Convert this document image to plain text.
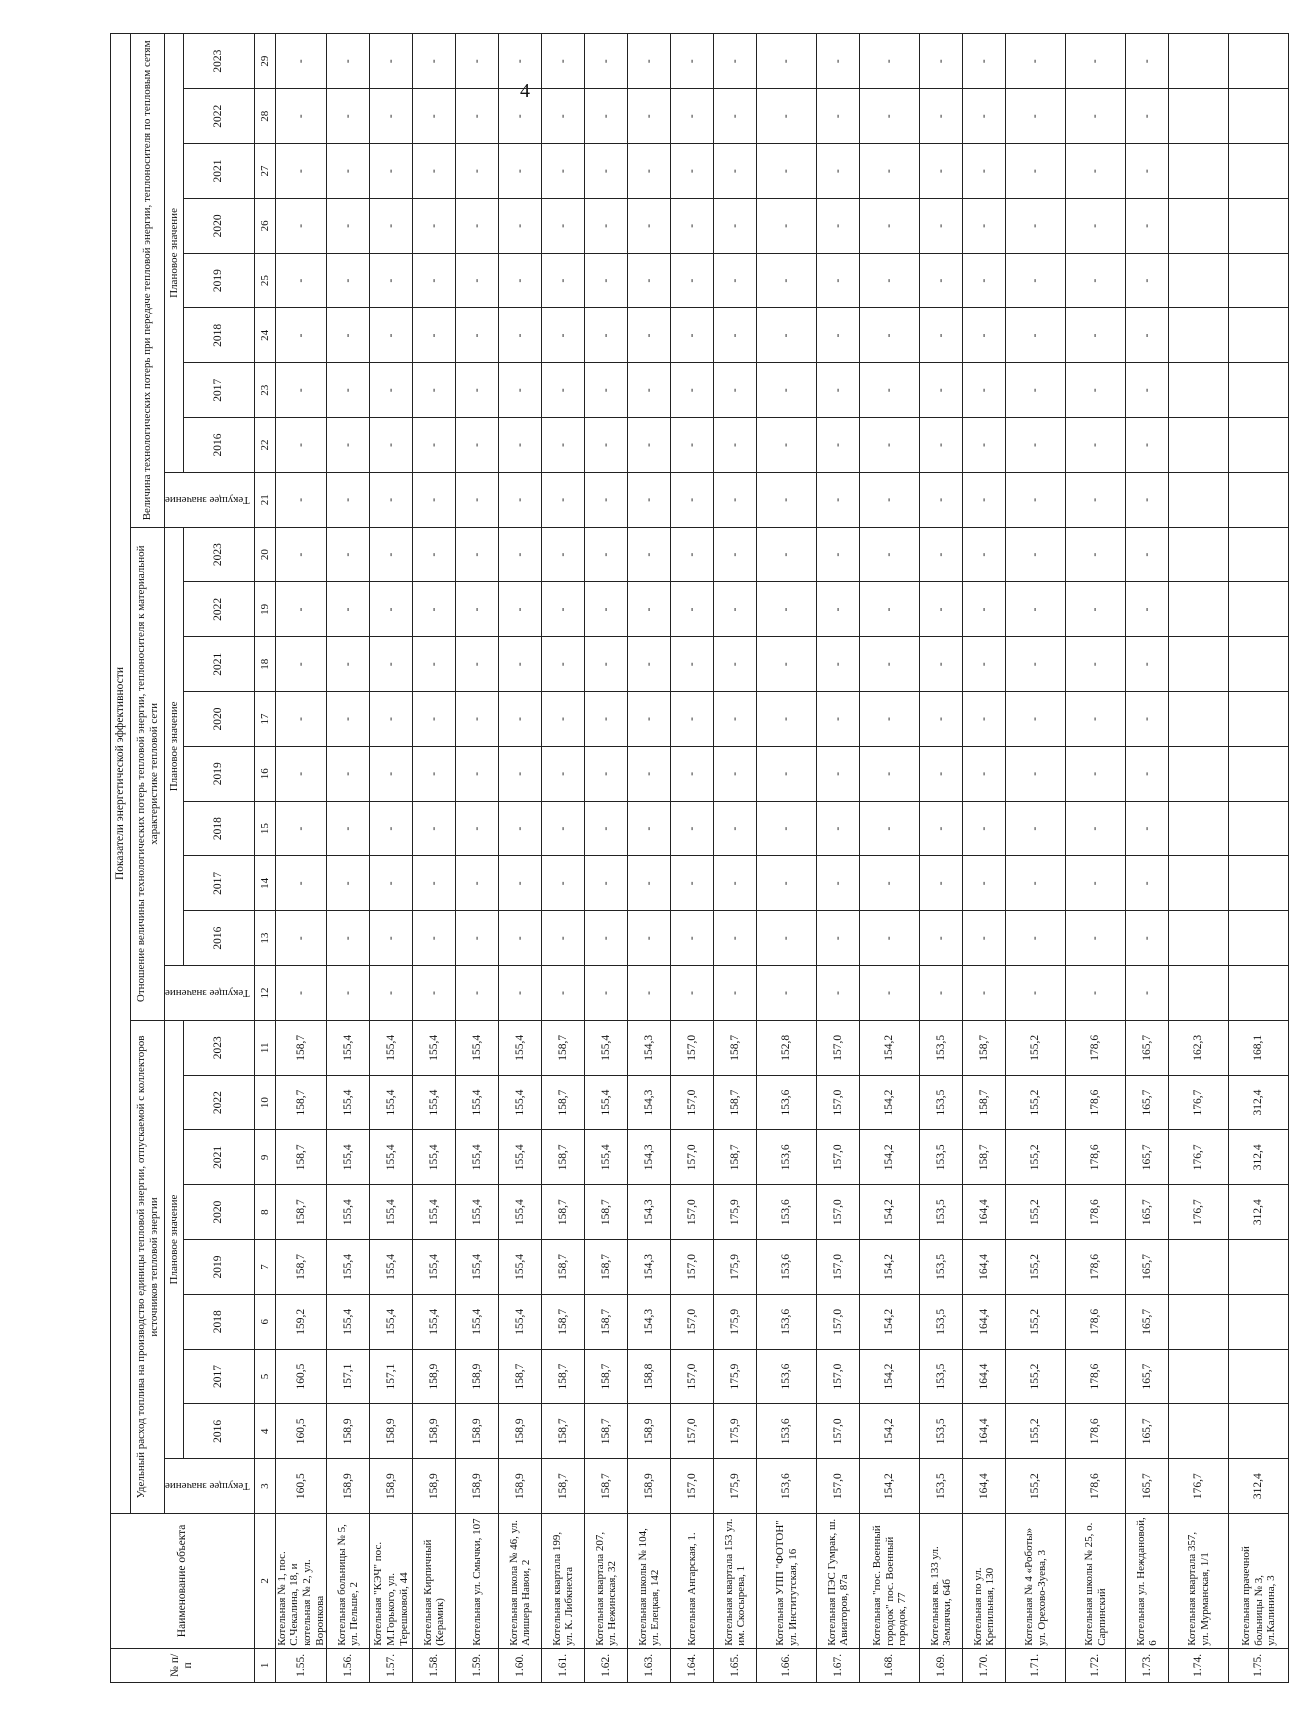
4
№ п/п	Наименование объекта	Показатели энергетической эффективности																										
		Удельный расход топлива на производство единицы тепловой энергии, отпускаемой с коллекторов источников тепловой энергии									Отношение величины технологических потерь тепловой энергии, теплоносителя к материальной характеристике тепловой сети									Величина технологических потерь при передаче тепловой энергии, теплоносителя по тепловым сетям								
		Текущее значение	Плановое значение								Текущее значение	Плановое значение								Текущее значение	Плановое значение							
			2016	2017	2018	2019	2020	2021	2022	2023		2016	2017	2018	2019	2020	2021	2022	2023		2016	2017	2018	2019	2020	2021	2022	2023
1	2	3	4	5	6	7	8	9	10	11	12	13	14	15	16	17	18	19	20	21	22	23	24	25	26	27	28	29
1.55.	Котельная № 1, пос. С.Чекалина, 18, и котельная № 2, ул. Воронкова	160,5	160,5	160,5	159,2	158,7	158,7	158,7	158,7	158,7	-	-	-	-	-	-	-	-	-	-	-	-	-	-	-	-	-	-
1.56.	Котельная больницы № 5, ул. Пельше, 2	158,9	158,9	157,1	155,4	155,4	155,4	155,4	155,4	155,4	-	-	-	-	-	-	-	-	-	-	-	-	-	-	-	-	-	-
1.57.	Котельная "КЭЧ" пос. М.Горького, ул. Терешковой, 44	158,9	158,9	157,1	155,4	155,4	155,4	155,4	155,4	155,4	-	-	-	-	-	-	-	-	-	-	-	-	-	-	-	-	-	-
1.58.	Котельная Кирпичный (Керамик)	158,9	158,9	158,9	155,4	155,4	155,4	155,4	155,4	155,4	-	-	-	-	-	-	-	-	-	-	-	-	-	-	-	-	-	-
1.59.	Котельная ул. Смычки, 107	158,9	158,9	158,9	155,4	155,4	155,4	155,4	155,4	155,4	-	-	-	-	-	-	-	-	-	-	-	-	-	-	-	-	-	-
1.60.	Котельная школа № 46, ул. Алишера Навои, 2	158,9	158,9	158,7	155,4	155,4	155,4	155,4	155,4	155,4	-	-	-	-	-	-	-	-	-	-	-	-	-	-	-	-	-	-
1.61.	Котельная квартала 199, ул. К. Либкнехта	158,7	158,7	158,7	158,7	158,7	158,7	158,7	158,7	158,7	-	-	-	-	-	-	-	-	-	-	-	-	-	-	-	-	-	-
1.62.	Котельная квартала 207, ул. Нежинская, 32	158,7	158,7	158,7	158,7	158,7	158,7	155,4	155,4	155,4	-	-	-	-	-	-	-	-	-	-	-	-	-	-	-	-	-	-
1.63.	Котельная школы № 104, ул. Елецкая, 142	158,9	158,9	158,8	154,3	154,3	154,3	154,3	154,3	154,3	-	-	-	-	-	-	-	-	-	-	-	-	-	-	-	-	-	-
1.64.	Котельная Ангарская, 1.	157,0	157,0	157,0	157,0	157,0	157,0	157,0	157,0	157,0	-	-	-	-	-	-	-	-	-	-	-	-	-	-	-	-	-	-
1.65.	Котельная квартала 153 ул. им. Скосырева, 1	175,9	175,9	175,9	175,9	175,9	175,9	158,7	158,7	158,7	-	-	-	-	-	-	-	-	-	-	-	-	-	-	-	-	-	-
1.66.	Котельная УПП "ФОТОН" ул. Институтская, 16	153,6	153,6	153,6	153,6	153,6	153,6	153,6	153,6	152,8	-	-	-	-	-	-	-	-	-	-	-	-	-	-	-	-	-	-
1.67.	Котельная ПЭС Гумрак, ш. Авиаторов, 87а	157,0	157,0	157,0	157,0	157,0	157,0	157,0	157,0	157,0	-	-	-	-	-	-	-	-	-	-	-	-	-	-	-	-	-	-
1.68.	Котельная "пос. Военный городок" пос. Военный городок, 77	154,2	154,2	154,2	154,2	154,2	154,2	154,2	154,2	154,2	-	-	-	-	-	-	-	-	-	-	-	-	-	-	-	-	-	-
1.69.	Котельная кв. 133 ул. Землячки, 64б	153,5	153,5	153,5	153,5	153,5	153,5	153,5	153,5	153,5	-	-	-	-	-	-	-	-	-	-	-	-	-	-	-	-	-	-
1.70.	Котельная по ул. Крепильная, 130	164,4	164,4	164,4	164,4	164,4	164,4	158,7	158,7	158,7	-	-	-	-	-	-	-	-	-	-	-	-	-	-	-	-	-	-
1.71.	Котельная № 4 «Роботы» ул. Орехово-Зуева, 3	155,2	155,2	155,2	155,2	155,2	155,2	155,2	155,2	155,2	-	-	-	-	-	-	-	-	-	-	-	-	-	-	-	-	-	-
1.72.	Котельная школы № 25, о. Сарпинский	178,6	178,6	178,6	178,6	178,6	178,6	178,6	178,6	178,6	-	-	-	-	-	-	-	-	-	-	-	-	-	-	-	-	-	-
1.73.	Котельная ул. Неждановой, 6	165,7	165,7	165,7	165,7	165,7	165,7	165,7	165,7	165,7	-	-	-	-	-	-	-	-	-	-	-	-	-	-	-	-	-	-
1.74.	Котельная квартала 357, ул. Мурманская, 1/1	176,7					176,7	176,7	176,7	162,3																		
1.75.	Котельная прачечной больницы № 3, ул.Калинина, 3	312,4					312,4	312,4	312,4	168,1																		
